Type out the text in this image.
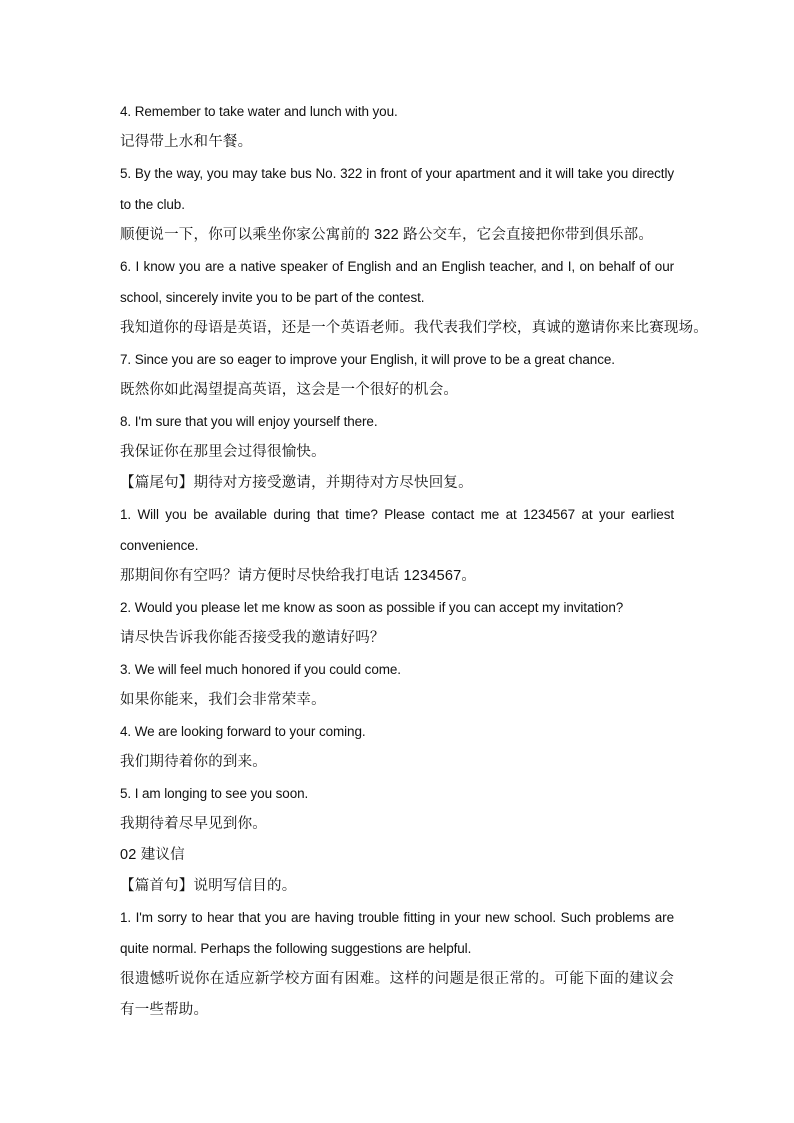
4. Remember to take water and lunch with you.

记得带上水和午餐。

5. By the way, you may take bus No. 322 in front of your apartment and it will take you directly to the club.

顺便说一下，你可以乘坐你家公寓前的 322 路公交车，它会直接把你带到俱乐部。

6. I know you are a native speaker of English and an English teacher, and I, on behalf of our school, sincerely invite you to be part of the contest.

我知道你的母语是英语，还是一个英语老师。我代表我们学校，真诚的邀请你来比赛现场。

7. Since you are so eager to improve your English, it will prove to be a great chance.

既然你如此渴望提高英语，这会是一个很好的机会。

8. I'm sure that you will enjoy yourself there.

我保证你在那里会过得很愉快。

【篇尾句】期待对方接受邀请，并期待对方尽快回复。

1. Will you be available during that time? Please contact me at 1234567 at your earliest convenience.

那期间你有空吗？请方便时尽快给我打电话 1234567。

2. Would you please let me know as soon as possible if you can accept my invitation?

请尽快告诉我你能否接受我的邀请好吗？

3. We will feel much honored if you could come.

如果你能来，我们会非常荣幸。

4. We are looking forward to your coming.

我们期待着你的到来。

5. I am longing to see you soon.

我期待着尽早见到你。

02 建议信

【篇首句】说明写信目的。

1. I'm sorry to hear that you are having trouble fitting in your new school. Such problems are quite normal. Perhaps the following suggestions are helpful.

很遗憾听说你在适应新学校方面有困难。这样的问题是很正常的。可能下面的建议会有一些帮助。
